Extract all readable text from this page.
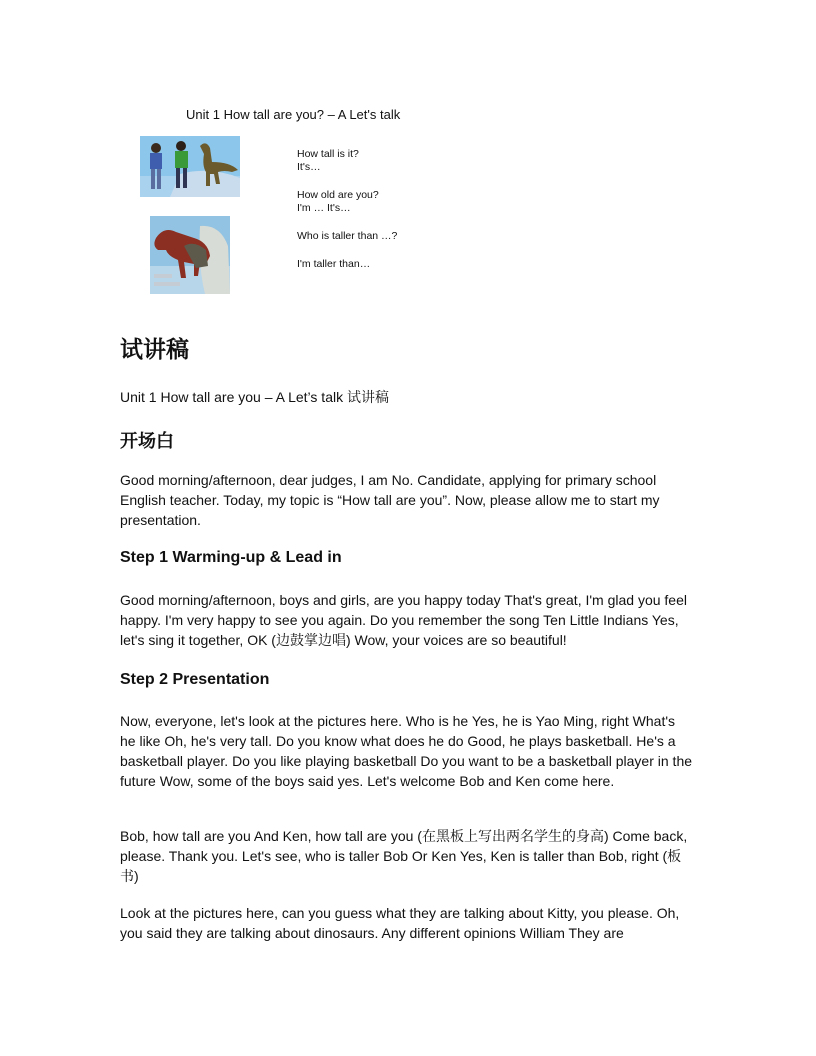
Unit 1 How tall are you? – A Let's talk
How tall is it?
It's…
How old are you?
I'm … It's…
Who is taller than …?
I'm taller than…
试讲稿
Unit 1 How tall are you – A Let’s talk 试讲稿
开场白
Good morning/afternoon, dear judges, I am No. Candidate, applying for primary school English teacher. Today, my topic is “How tall are you”. Now, please allow me to start my presentation.
Step 1 Warming-up & Lead in
Good morning/afternoon, boys and girls, are you happy today That's great, I'm glad you feel happy. I'm very happy to see you again. Do you remember the song Ten Little Indians Yes, let's sing it together, OK (边鼓掌边唱) Wow, your voices are so beautiful!
Step 2 Presentation
Now, everyone, let's look at the pictures here. Who is he Yes, he is Yao Ming, right What's he like Oh, he's very tall. Do you know what does he do Good, he plays basketball. He's a basketball player. Do you like playing basketball Do you want to be a basketball player in the future Wow, some of the boys said yes. Let's welcome Bob and Ken come here.
Bob, how tall are you And Ken, how tall are you (在黑板上写出两名学生的身高) Come back, please. Thank you. Let's see, who is taller Bob Or Ken Yes, Ken is taller than Bob, right (板书)
Look at the pictures here, can you guess what they are talking about Kitty, you please. Oh, you said they are talking about dinosaurs. Any different opinions William They are
